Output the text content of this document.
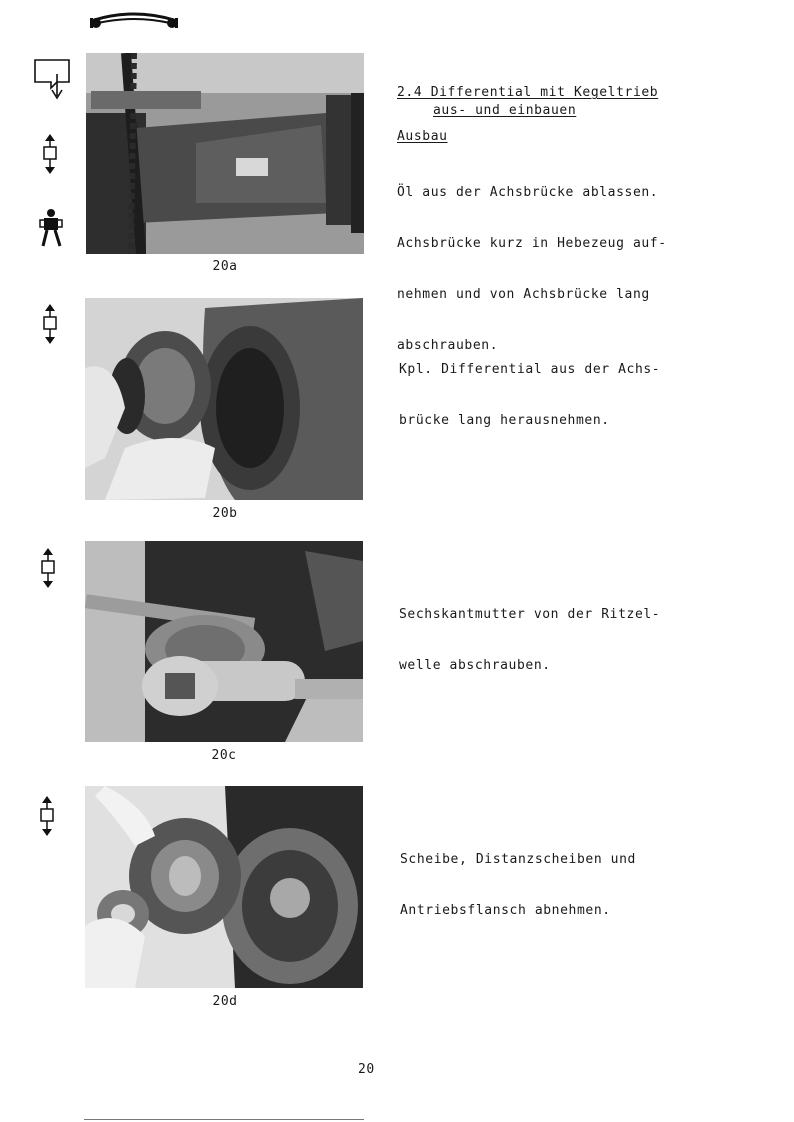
20a
2.4 Differential mit Kegeltrieb
aus- und einbauen
Ausbau

Öl aus der Achsbrücke ablassen.

Achsbrücke kurz in Hebezeug auf-

nehmen und von Achsbrücke lang

abschrauben.

20b

Kpl. Differential aus der Achs-

brücke lang herausnehmen.

20c

Sechskantmutter von der Ritzel-

welle abschrauben.

20d

Scheibe, Distanzscheiben und

Antriebsflansch abnehmen.

20
